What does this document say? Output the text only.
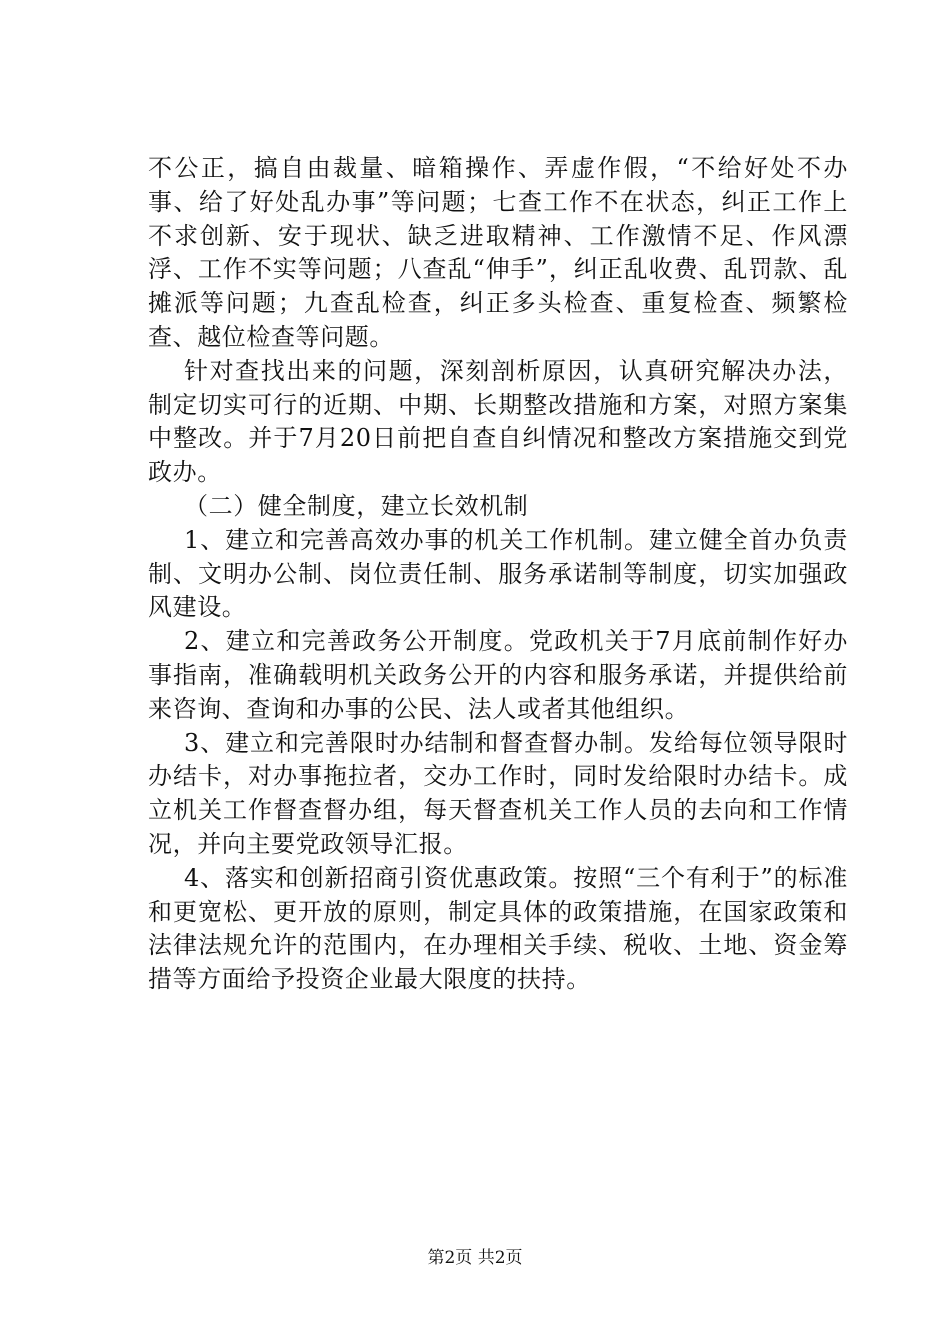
不公正，搞自由裁量、暗箱操作、弄虚作假，“不给好处不办事、给了好处乱办事”等问题；七查工作不在状态，纠正工作上不求创新、安于现状、缺乏进取精神、工作激情不足、作风漂浮、工作不实等问题；八查乱“伸手”，纠正乱收费、乱罚款、乱摊派等问题；九查乱检查，纠正多头检查、重复检查、频繁检查、越位检查等问题。

针对查找出来的问题，深刻剖析原因，认真研究解决办法，制定切实可行的近期、中期、长期整改措施和方案，对照方案集中整改。并于7月20日前把自查自纠情况和整改方案措施交到党政办。

（二）健全制度，建立长效机制

1、建立和完善高效办事的机关工作机制。建立健全首办负责制、文明办公制、岗位责任制、服务承诺制等制度，切实加强政风建设。

2、建立和完善政务公开制度。党政机关于7月底前制作好办事指南，准确载明机关政务公开的内容和服务承诺，并提供给前来咨询、查询和办事的公民、法人或者其他组织。

3、建立和完善限时办结制和督查督办制。发给每位领导限时办结卡，对办事拖拉者，交办工作时，同时发给限时办结卡。成立机关工作督查督办组，每天督查机关工作人员的去向和工作情况，并向主要党政领导汇报。

4、落实和创新招商引资优惠政策。按照“三个有利于”的标准和更宽松、更开放的原则，制定具体的政策措施，在国家政策和法律法规允许的范围内，在办理相关手续、税收、土地、资金筹措等方面给予投资企业最大限度的扶持。

第2页 共2页
